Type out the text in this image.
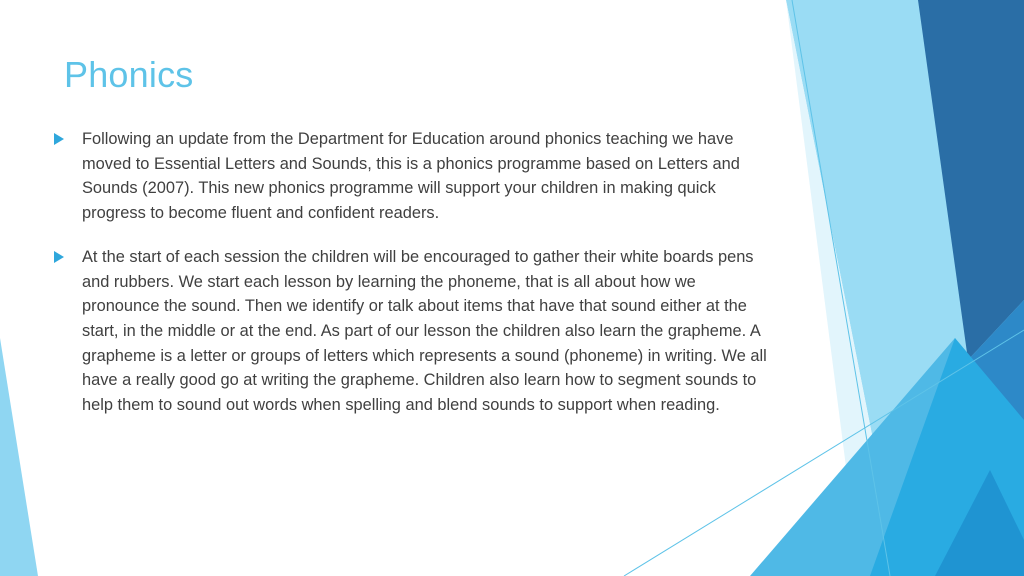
Phonics
Following an update from the Department for Education around phonics teaching we have moved to Essential Letters and Sounds, this is a phonics programme based on Letters and Sounds (2007). This new phonics programme will support your children in making quick progress to become fluent and confident readers.
At the start of each session the children will be encouraged to gather their white boards pens and rubbers. We start each lesson by learning the phoneme, that is all about how we pronounce the sound. Then we identify or talk about items that have that sound either at the start, in the middle or at the end. As part of our lesson the children also learn the grapheme. A grapheme is a letter or groups of letters which represents a sound (phoneme) in writing. We all have a really good go at writing the grapheme. Children also learn how to segment sounds to help them to sound out words when spelling and blend sounds to support when reading.
